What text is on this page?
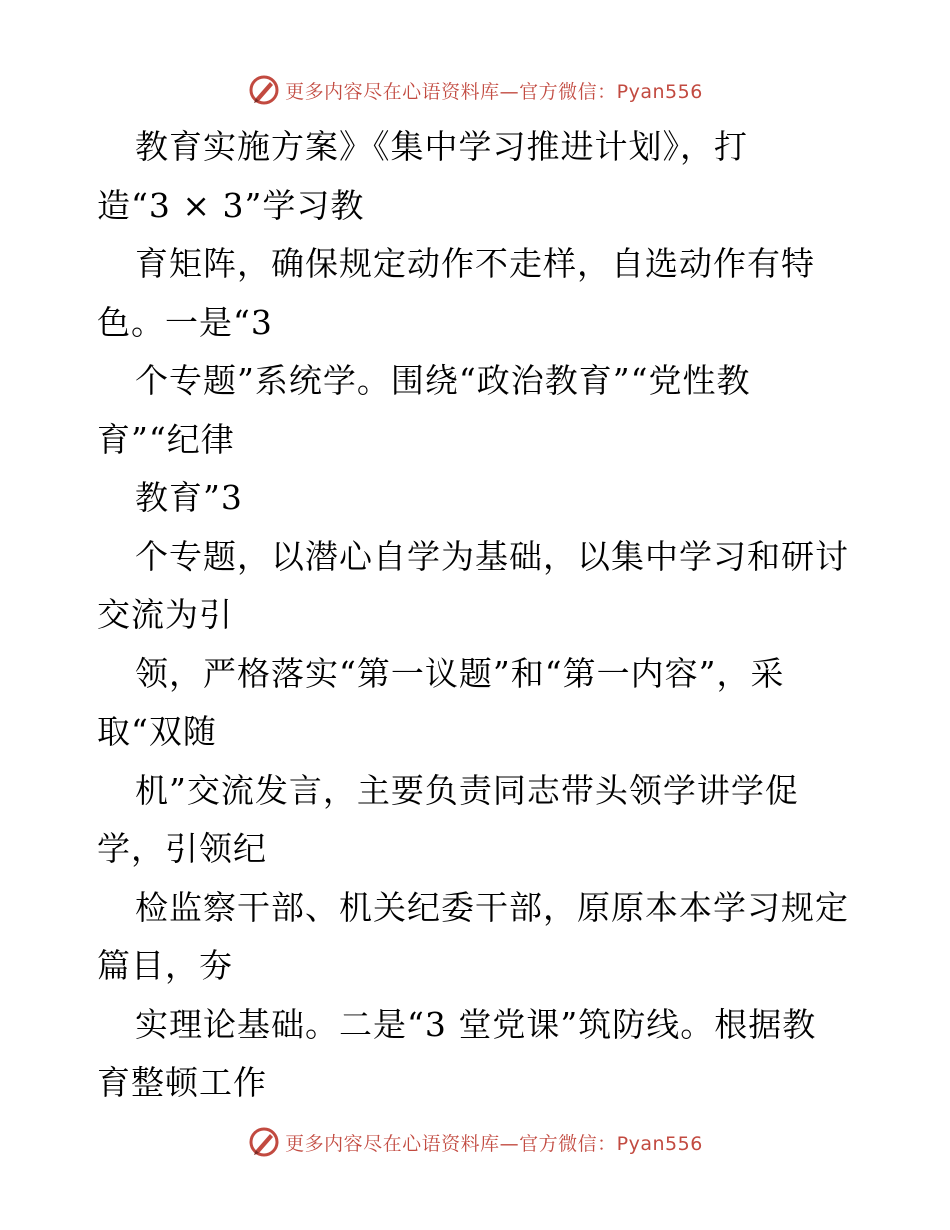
更多内容尽在心语资料库—官方微信：Pyan556
教育实施方案》《集中学习推进计划》，打
造“3 × 3”学习教
育矩阵，确保规定动作不走样，自选动作有特
色。一是“3
个专题”系统学。围绕“政治教育”“党性教
育”“纪律
教育”3
个专题，以潜心自学为基础，以集中学习和研讨
交流为引
领，严格落实“第一议题”和“第一内容”，采
取“双随
机”交流发言，主要负责同志带头领学讲学促
学，引领纪
检监察干部、机关纪委干部，原原本本学习规定
篇目，夯
实理论基础。二是“3 堂党课”筑防线。根据教
育整顿工作
更多内容尽在心语资料库—官方微信：Pyan556
